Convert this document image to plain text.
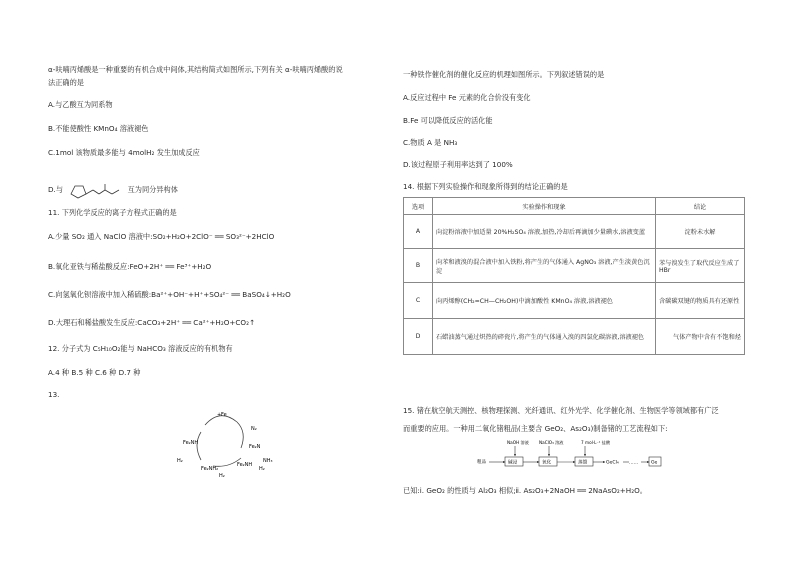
α-呋喃丙烯酸是一种重要的有机合成中间体,其结构简式如图所示,下列有关 α-呋喃丙烯酸的说
法正确的是
A.与乙酸互为同系物
B.不能使酸性 KMnO₄ 溶液褪色
C.1mol 该物质最多能与 4molH₂ 发生加成反应
D.与	互为同分异构体
11. 下列化学反应的离子方程式正确的是
A.少量 SO₂ 通入 NaClO 溶液中:SO₂+H₂O+2ClO⁻ ══ SO₃²⁻+2HClO
B.氧化亚铁与稀盐酸反应:FeO+2H⁺ ══ Fe³⁺+H₂O
C.向氢氧化钡溶液中加入稀硫酸:Ba²⁺+OH⁻+H⁺+SO₄²⁻ ══ BaSO₄↓+H₂O
D.大理石和稀盐酸发生反应:CaCO₃+2H⁺ ══ Ca²⁺+H₂O+CO₂↑
12. 分子式为 C₅H₁₀O₂能与 NaHCO₃ 溶液反应的有机物有
A.4 种 B.5 种 C.6 种 D.7 种
13.
+ Fe
N₂
Fe₂NH
Fe₂N
H₂
Fe₂NH₂
Fe₂NH
H₂
NH₃
H₂
一种铁作催化剂的催化反应的机理如图所示。下列叙述错误的是
A.反应过程中 Fe 元素的化合价没有变化
B.Fe 可以降低反应的活化能
C.物质 A 是 NH₃
D.该过程原子利用率达到了 100%
14. 根据下列实验操作和现象所得到的结论正确的是
选项	实验操作和现象	结论
A	向淀粉溶液中加适量 20%H₂SO₄ 溶液,加热,冷却后再滴加少量碘水,溶液变蓝	淀粉未水解
B	向苯和液溴的混合液中加入铁粉,将产生的气体通入 AgNO₃ 溶液,产生淡黄色沉淀	苯与溴发生了取代反应生成了 HBr
C	向丙烯醇(CH₂=CH—CH₂OH)中滴加酸性 KMnO₄ 溶液,溶液褪色	含碳碳双键的物质具有还原性
D	石蜡油蒸气通过炽热的碎瓷片,将产生的气体通入溴的四氯化碳溶液,溶液褪色	气体产物中含有不饱和烃
15. 锗在航空航天测控、核物理探测、光纤通讯、红外光学、化学催化剂、生物医学等领域都有广泛
而重要的应用。一种用二氧化锗粗品(主要含 GeO₂、As₂O₃)制备锗的工艺流程如下:
NaOH 溶液 NaClO₃ 溶液	7 mol·L⁻¹ 盐酸
粗品	碱浸	氧化	蒸馏	GeCl₄ ……	Ge
已知:ⅰ. GeO₂ 的性质与 Al₂O₃ 相似;ⅱ. As₂O₃+2NaOH ══ 2NaAsO₂+H₂O。
